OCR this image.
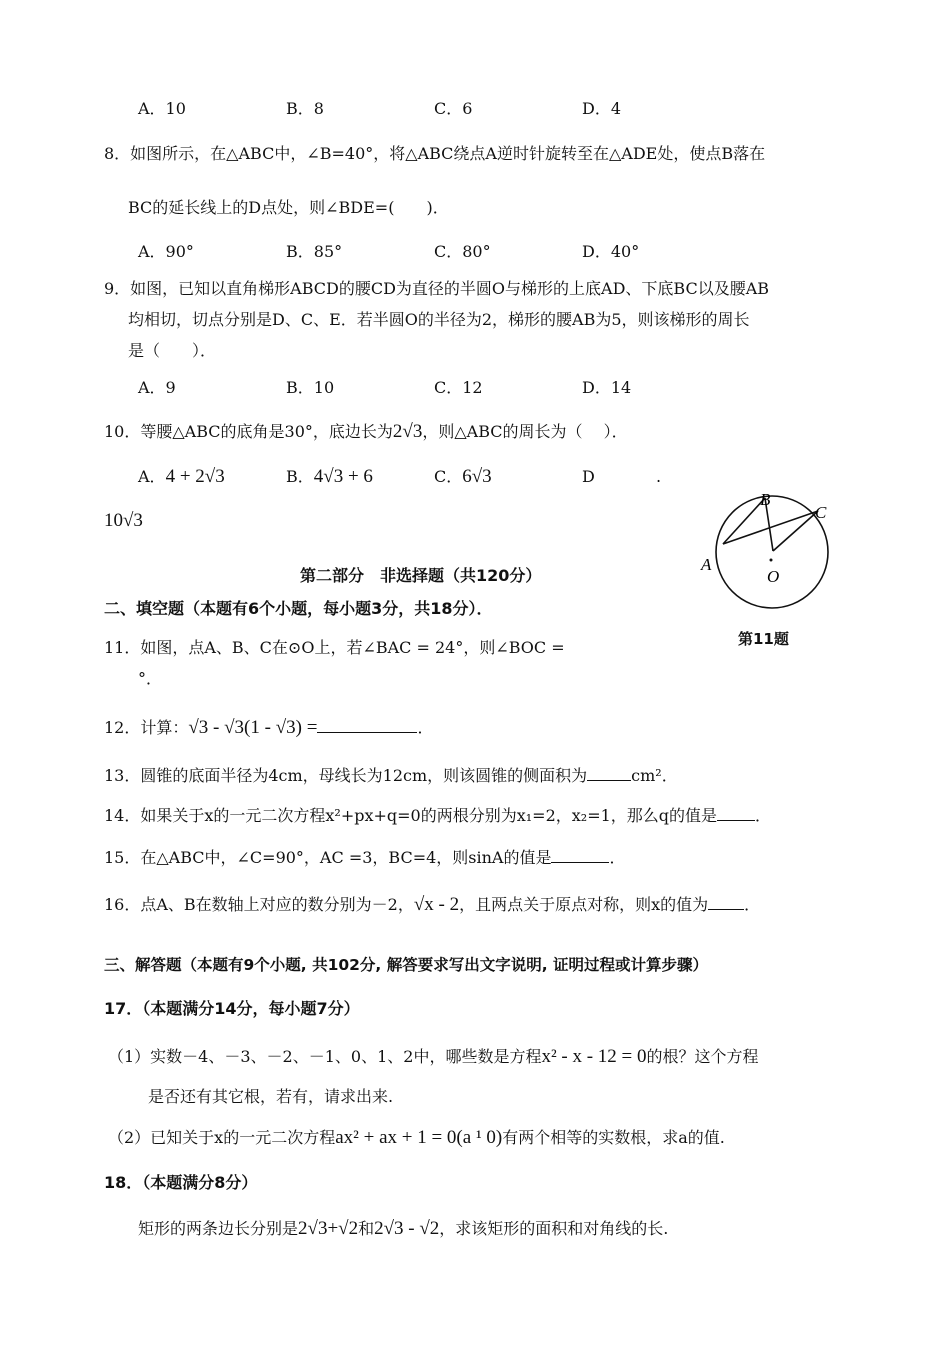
A．10	B．8	C．6	D．4
8．如图所示，在△ABC中，∠B=40°，将△ABC绕点A逆时针旋转至在△ADE处，使点B落在
BC的延长线上的D点处，则∠BDE=(　　)．
A．90°	B．85°	C．80°	D．40°
9．如图，已知以直角梯形ABCD的腰CD为直径的半圆O与梯形的上底AD、下底BC以及腰AB
均相切，切点分别是D、C、E．若半圆O的半径为2，梯形的腰AB为5，则该梯形的周长
是（　　）．
A．9	B．10	C．12	D．14
10．等腰△ABC的底角是30°，底边长为2√3，则△ABC的周长为（　 ）．
A．4 + 2√3	B．4√3 + 6	C．6√3	D	.
10√3
A
B
C
O
第11题
第二部分　非选择题（共120分）
二、填空题（本题有6个小题，每小题3分，共18分）．
11．如图，点A、B、C在⊙O上，若∠BAC = 24°，则∠BOC =
°．
12．计算：√3 - √3(1 - √3) =	．
13．圆锥的底面半径为4cm，母线长为12cm，则该圆锥的侧面积为	cm²．
14．如果关于x的一元二次方程x²+px+q=0的两根分别为x₁=2，x₂=1，那么q的值是 ．
15．在△ABC中，∠C=90°，AC =3，BC=4，则sinA的值是	．
16．点A、B在数轴上对应的数分别为－2，√x - 2，且两点关于原点对称，则x的值为 ．
三、解答题（本题有9个小题, 共102分, 解答要求写出文字说明, 证明过程或计算步骤）
17．（本题满分14分，每小题7分）
（1）实数－4、－3、－2、－1、0、1、2中，哪些数是方程x² - x - 12 = 0的根？这个方程
是否还有其它根，若有，请求出来.
（2）已知关于x的一元二次方程ax² + ax + 1 = 0(a ¹ 0)有两个相等的实数根，求a的值.
18．（本题满分8分）
矩形的两条边长分别是2√3+√2和2√3 - √2，求该矩形的面积和对角线的长.
